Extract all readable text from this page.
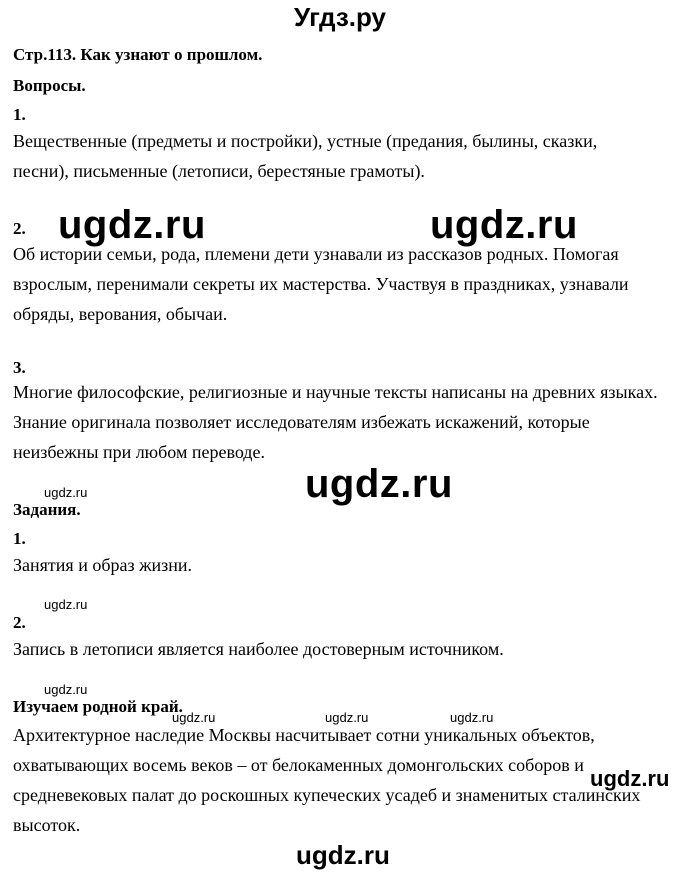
Угдз.ру
Стр.113. Как узнают о прошлом.
Вопросы.
1.
Вещественные (предметы и постройки), устные (предания, былины, сказки, песни), письменные (летописи, берестяные грамоты).
2.
Об истории семьи, рода, племени дети узнавали из рассказов родных. Помогая взрослым, перенимали секреты их мастерства. Участвуя в праздниках, узнавали обряды, верования, обычаи.
3.
Многие философские, религиозные и научные тексты написаны на древних языках. Знание оригинала позволяет исследователям избежать искажений, которые неизбежны при любом переводе.
Задания.
1.
Занятия и образ жизни.
2.
Запись в летописи является наиболее достоверным источником.
Изучаем родной край.
Архитектурное наследие Москвы насчитывает сотни уникальных объектов, охватывающих восемь веков – от белокаменных домонгольских соборов и средневековых палат до роскошных купеческих усадеб и знаменитых сталинских высоток.
ugdz.ru	ugdz.ru
ugdz.ru
ugdz.ru
ugdz.ru
ugdz.ru
ugdz.ru	ugdz.ru	ugdz.ru
ugdz.ru
ugdz.ru
